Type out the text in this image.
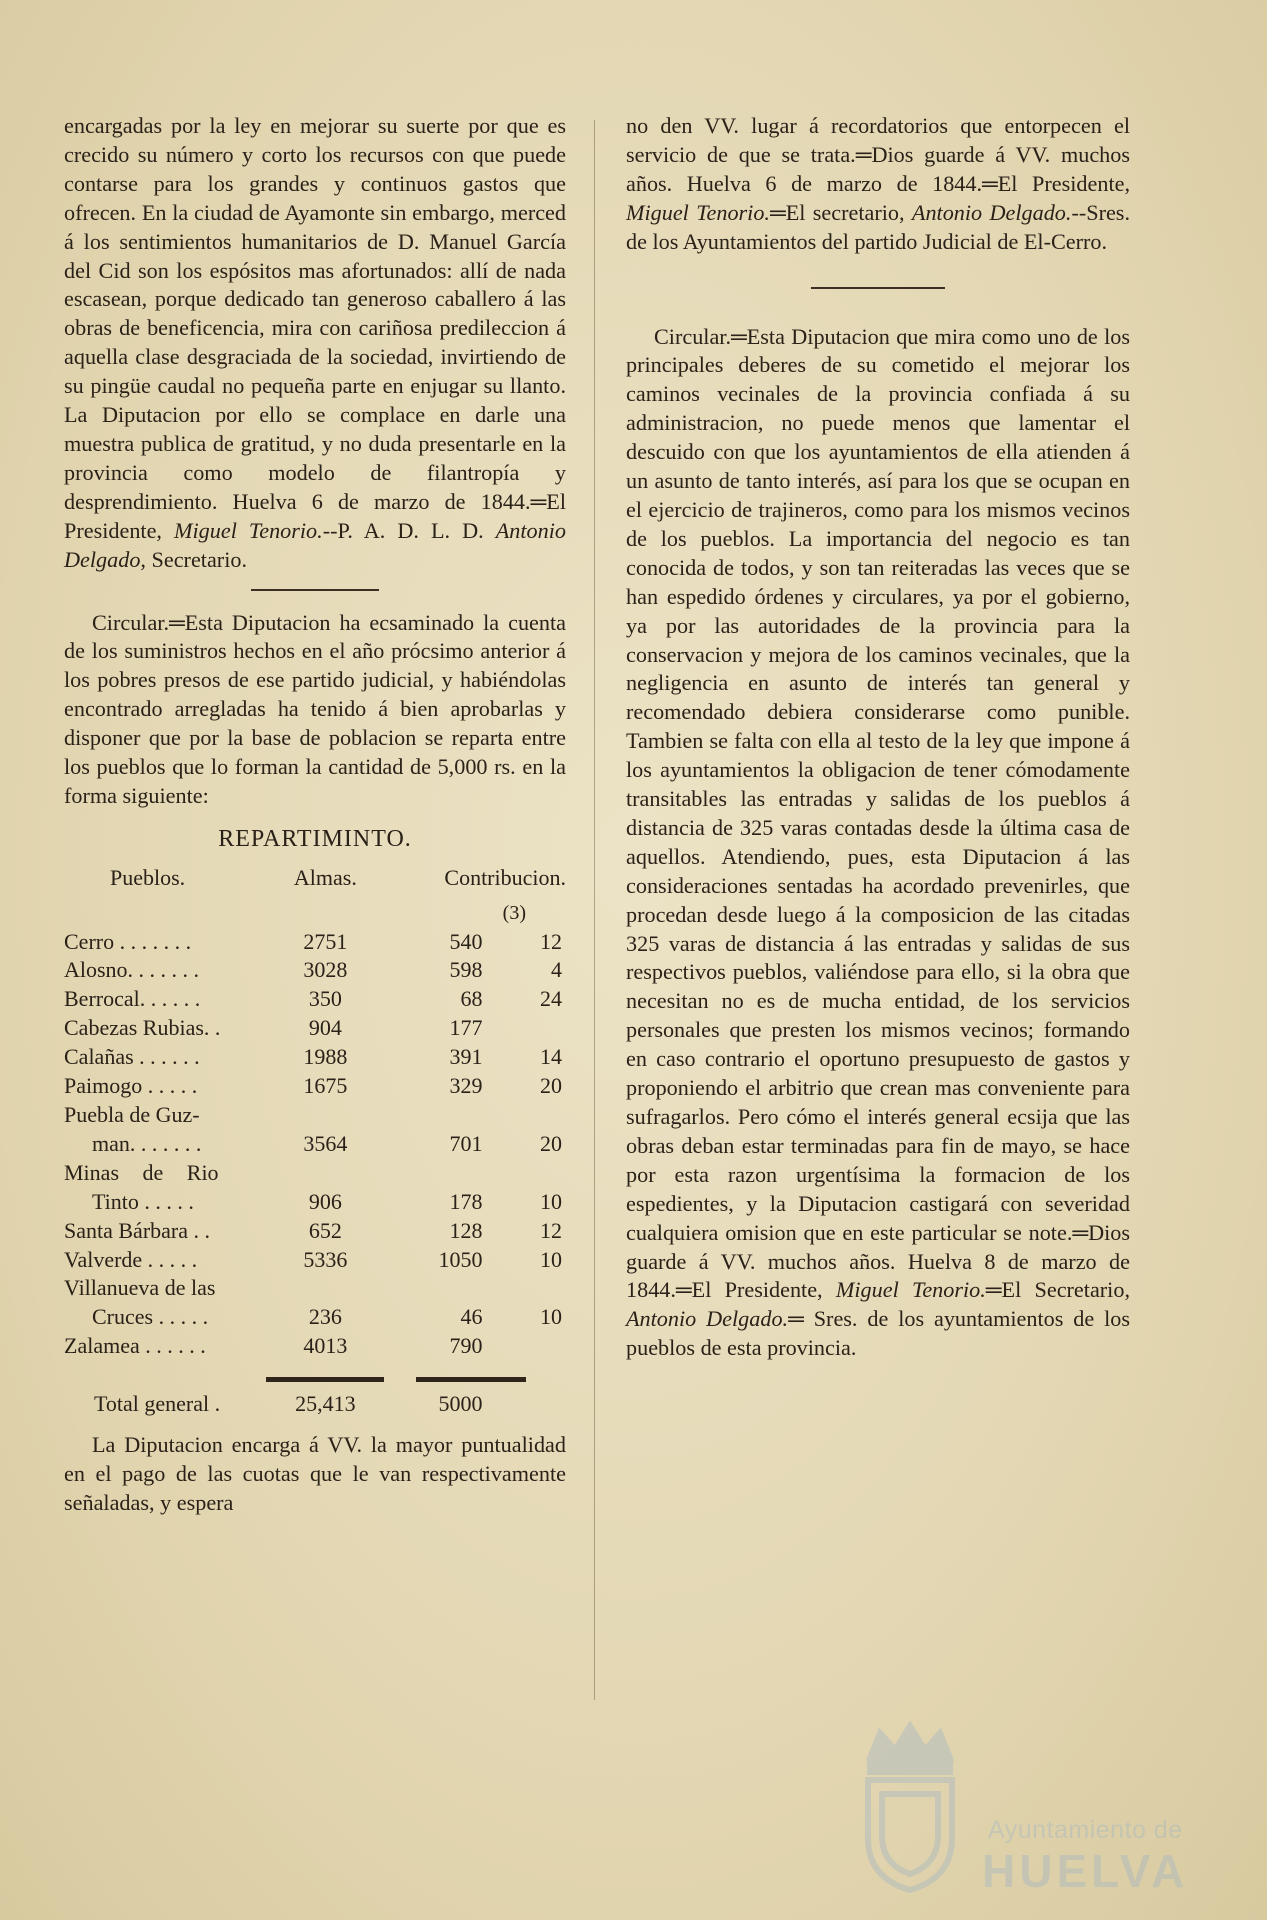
encargadas por la ley en mejorar su suerte por que es crecido su número y corto los recursos con que puede contarse para los grandes y continuos gastos que ofrecen. En la ciudad de Ayamonte sin embargo, merced á los sentimientos humanitarios de D. Manuel García del Cid son los espósitos mas afortunados: allí de nada escasean, porque dedicado tan generoso caballero á las obras de beneficencia, mira con cariñosa predileccion á aquella clase desgraciada de la sociedad, invirtiendo de su pingüe caudal no pequeña parte en enjugar su llanto. La Diputacion por ello se complace en darle una muestra publica de gratitud, y no duda presentarle en la provincia como modelo de filantropía y desprendimiento. Huelva 6 de marzo de 1844.═El Presidente, Miguel Tenorio.--P. A. D. L. D. Antonio Delgado, Secretario.

Circular.═Esta Diputacion ha ecsaminado la cuenta de los suministros hechos en el año prócsimo anterior á los pobres presos de ese partido judicial, y habiéndolas encontrado arregladas ha tenido á bien aprobarlas y disponer que por la base de poblacion se reparta entre los pueblos que lo forman la cantidad de 5,000 rs. en la forma siguiente:

REPARTIMINTO.
Pueblos.	Almas.	Contribucion.	
		(3)	
Cerro . . . . . . .	2751	540	12
Alosno. . . . . . .	3028	598	4
Berrocal. . . . . .	350	68	24
Cabezas Rubias. .	904	177	
Calañas . . . . . .	1988	391	14
Paimogo . . . . .	1675	329	20
Puebla de Guz-			
man. . . . . . .	3564	701	20
Minas de Rio			
Tinto . . . . .	906	178	10
Santa Bárbara . .	652	128	12
Valverde . . . . .	5336	1050	10
Villanueva de las			
Cruces . . . . .	236	46	10
Zalamea . . . . . .	4013	790	

Total general .	25,413	5000	

La Diputacion encarga á VV. la mayor puntualidad en el pago de las cuotas que le van respectivamente señaladas, y espera

no den VV. lugar á recordatorios que entorpecen el servicio de que se trata.═Dios guarde á VV. muchos años. Huelva 6 de marzo de 1844.═El Presidente, Miguel Tenorio.═El secretario, Antonio Delgado.--Sres. de los Ayuntamientos del partido Judicial de El-Cerro.

Circular.═Esta Diputacion que mira como uno de los principales deberes de su cometido el mejorar los caminos vecinales de la provincia confiada á su administracion, no puede menos que lamentar el descuido con que los ayuntamientos de ella atienden á un asunto de tanto interés, así para los que se ocupan en el ejercicio de trajineros, como para los mismos vecinos de los pueblos. La importancia del negocio es tan conocida de todos, y son tan reiteradas las veces que se han espedido órdenes y circulares, ya por el gobierno, ya por las autoridades de la provincia para la conservacion y mejora de los caminos vecinales, que la negligencia en asunto de interés tan general y recomendado debiera considerarse como punible. Tambien se falta con ella al testo de la ley que impone á los ayuntamientos la obligacion de tener cómodamente transitables las entradas y salidas de los pueblos á distancia de 325 varas contadas desde la última casa de aquellos. Atendiendo, pues, esta Diputacion á las consideraciones sentadas ha acordado prevenirles, que procedan desde luego á la composicion de las citadas 325 varas de distancia á las entradas y salidas de sus respectivos pueblos, valiéndose para ello, si la obra que necesitan no es de mucha entidad, de los servicios personales que presten los mismos vecinos; formando en caso contrario el oportuno presupuesto de gastos y proponiendo el arbitrio que crean mas conveniente para sufragarlos. Pero cómo el interés general ecsija que las obras deban estar terminadas para fin de mayo, se hace por esta razon urgentísima la formacion de los espedientes, y la Diputacion castigará con severidad cualquiera omision que en este particular se note.═Dios guarde á VV. muchos años. Huelva 8 de marzo de 1844.═El Presidente, Miguel Tenorio.═El Secretario, Antonio Delgado.═ Sres. de los ayuntamientos de los pueblos de esta provincia.

Ayuntamiento de
HUELVA
